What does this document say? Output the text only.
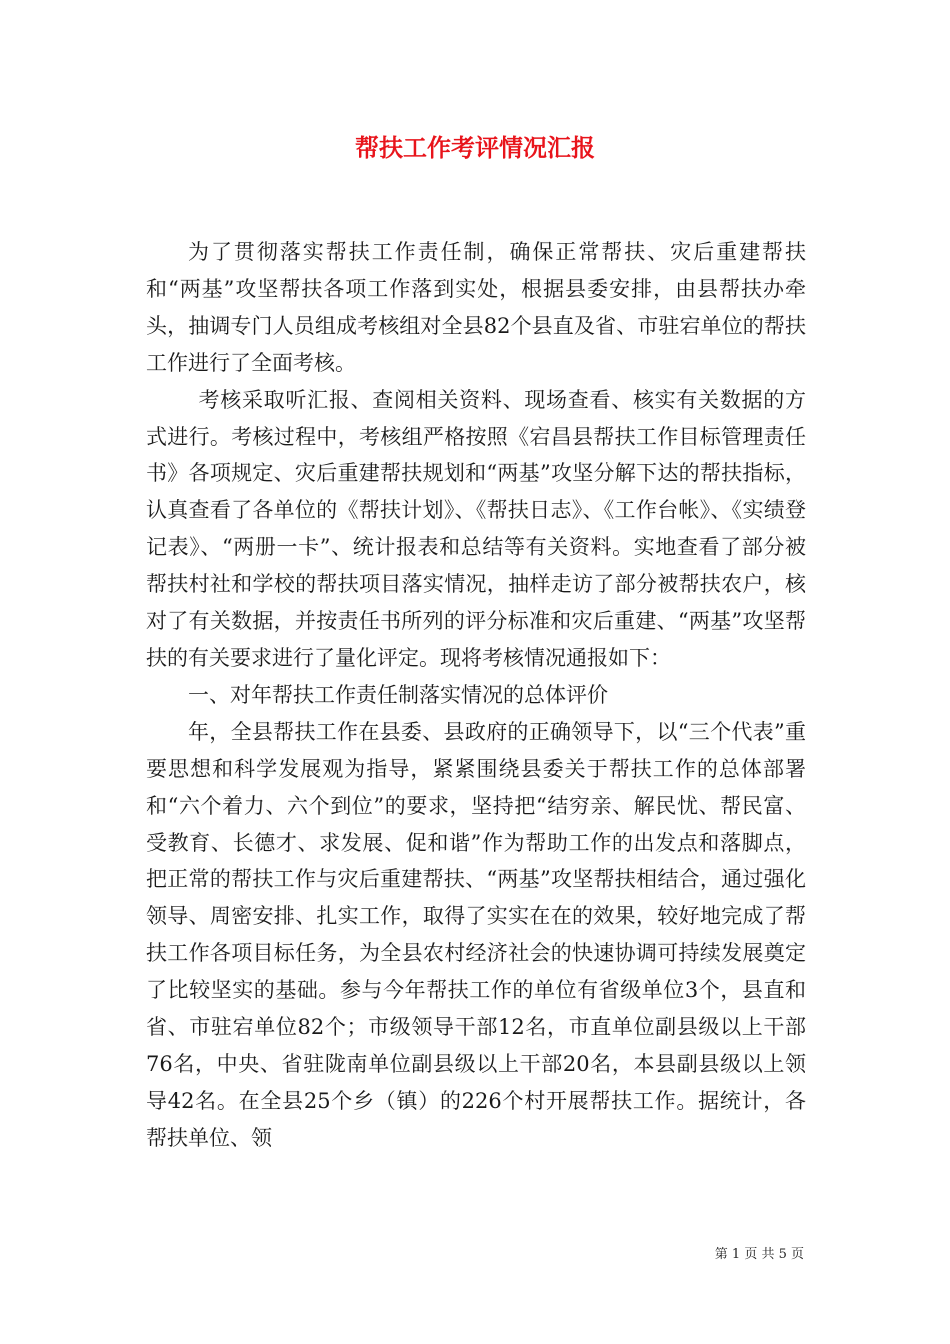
帮扶工作考评情况汇报

为了贯彻落实帮扶工作责任制，确保正常帮扶、灾后重建帮扶和“两基”攻坚帮扶各项工作落到实处，根据县委安排，由县帮扶办牵头，抽调专门人员组成考核组对全县82个县直及省、市驻宕单位的帮扶工作进行了全面考核。

考核采取听汇报、查阅相关资料、现场查看、核实有关数据的方式进行。考核过程中，考核组严格按照《宕昌县帮扶工作目标管理责任书》各项规定、灾后重建帮扶规划和“两基”攻坚分解下达的帮扶指标，认真查看了各单位的《帮扶计划》、《帮扶日志》、《工作台帐》、《实绩登记表》、“两册一卡”、统计报表和总结等有关资料。实地查看了部分被帮扶村社和学校的帮扶项目落实情况，抽样走访了部分被帮扶农户，核对了有关数据，并按责任书所列的评分标准和灾后重建、“两基”攻坚帮扶的有关要求进行了量化评定。现将考核情况通报如下：

一、对年帮扶工作责任制落实情况的总体评价

年，全县帮扶工作在县委、县政府的正确领导下，以“三个代表”重要思想和科学发展观为指导，紧紧围绕县委关于帮扶工作的总体部署和“六个着力、六个到位”的要求，坚持把“结穷亲、解民忧、帮民富、受教育、长德才、求发展、促和谐”作为帮助工作的出发点和落脚点，把正常的帮扶工作与灾后重建帮扶、“两基”攻坚帮扶相结合，通过强化领导、周密安排、扎实工作，取得了实实在在的效果，较好地完成了帮扶工作各项目标任务，为全县农村经济社会的快速协调可持续发展奠定了比较坚实的基础。参与今年帮扶工作的单位有省级单位3个，县直和省、市驻宕单位82个；市级领导干部12名，市直单位副县级以上干部76名，中央、省驻陇南单位副县级以上干部20名，本县副县级以上领导42名。在全县25个乡（镇）的226个村开展帮扶工作。据统计，各帮扶单位、领

第 1 页 共 5 页
